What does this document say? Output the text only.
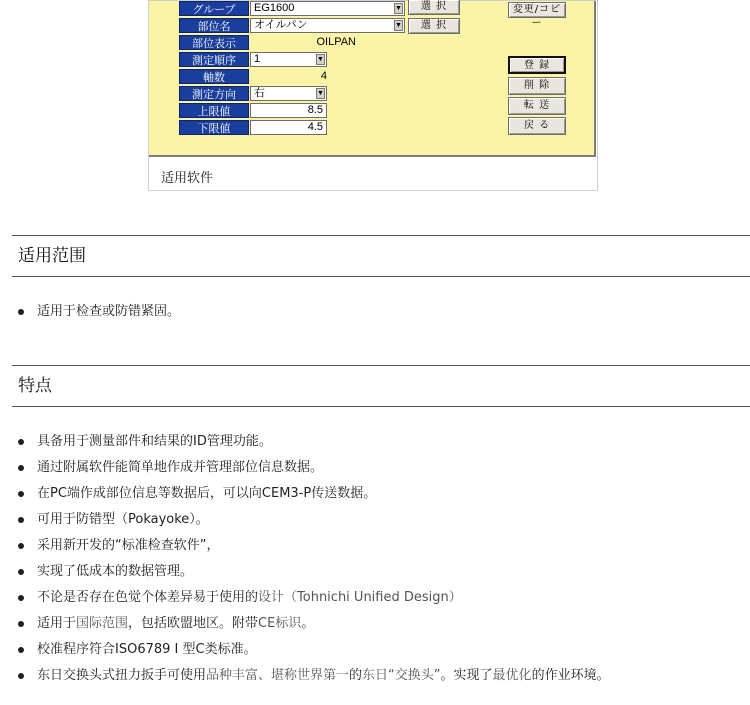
グループ	EG1600	▼	選 択
部位名	オイルパン	▼	選 択
部位表示	OILPAN
測定順序	1	▼
軸数	4
測定方向	右	▼
上限値	8.5
下限値	4.5
変更/コピー
登 録
削 除
転 送
戻 る
适用软件
适用范围
适用于检查或防错紧固。
特点
具备用于测量部件和结果的ID管理功能。
通过附属软件能简单地作成并管理部位信息数据。
在PC端作成部位信息等数据后，可以向CEM3-P传送数据。
可用于防错型（Pokayoke）。
采用新开发的“标准检查软件”，
实现了低成本的数据管理。
不论是否存在色觉个体差异易于使用的设计（Tohnichi Unified Design）
适用于国际范围，包括欧盟地区。附带CE标识。
校准程序符合ISO6789 I 型C类标准。
东日交换头式扭力扳手可使用品种丰富、堪称世界第一的东日“交换头”。实现了最优化的作业环境。
